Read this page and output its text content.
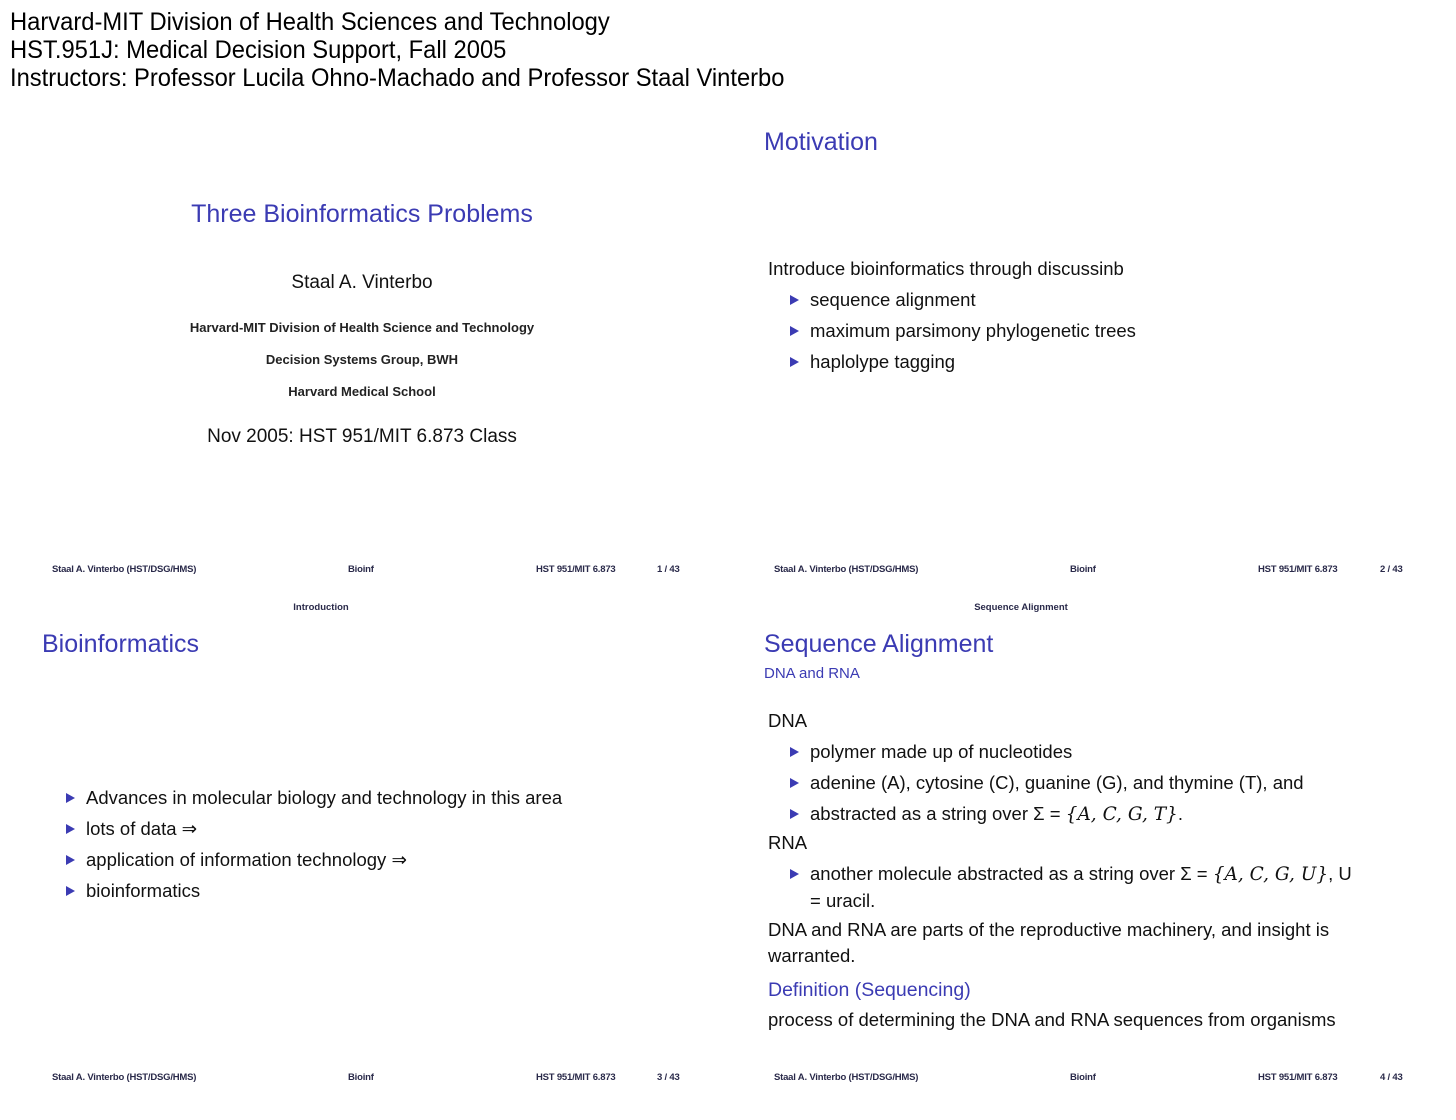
Harvard-MIT Division of Health Sciences and Technology
HST.951J: Medical Decision Support, Fall 2005
Instructors: Professor Lucila Ohno-Machado and Professor Staal Vinterbo
Three Bioinformatics Problems
Staal A. Vinterbo
Harvard-MIT Division of Health Science and Technology
Decision Systems Group, BWH
Harvard Medical School
Nov 2005: HST 951/MIT 6.873 Class
Staal A. Vinterbo (HST/DSG/HMS)	Bioinf	HST 951/MIT 6.873	1 / 43
Motivation
Introduce bioinformatics through discussinb
sequence alignment
maximum parsimony phylogenetic trees
haplolype tagging
Staal A. Vinterbo (HST/DSG/HMS)	Bioinf	HST 951/MIT 6.873	2 / 43
Introduction
Bioinformatics
Advances in molecular biology and technology in this area
lots of data ⇒
application of information technology ⇒
bioinformatics
Staal A. Vinterbo (HST/DSG/HMS)	Bioinf	HST 951/MIT 6.873	3 / 43
Sequence Alignment
Sequence Alignment
DNA and RNA
DNA
polymer made up of nucleotides
adenine (A), cytosine (C), guanine (G), and thymine (T), and
abstracted as a string over Σ = {A, C, G, T}.
RNA
another molecule abstracted as a string over Σ = {A, C, G, U}, U
= uracil.
DNA and RNA are parts of the reproductive machinery, and insight is
warranted.
Definition (Sequencing)
process of determining the DNA and RNA sequences from organisms
Staal A. Vinterbo (HST/DSG/HMS)	Bioinf	HST 951/MIT 6.873	4 / 43
